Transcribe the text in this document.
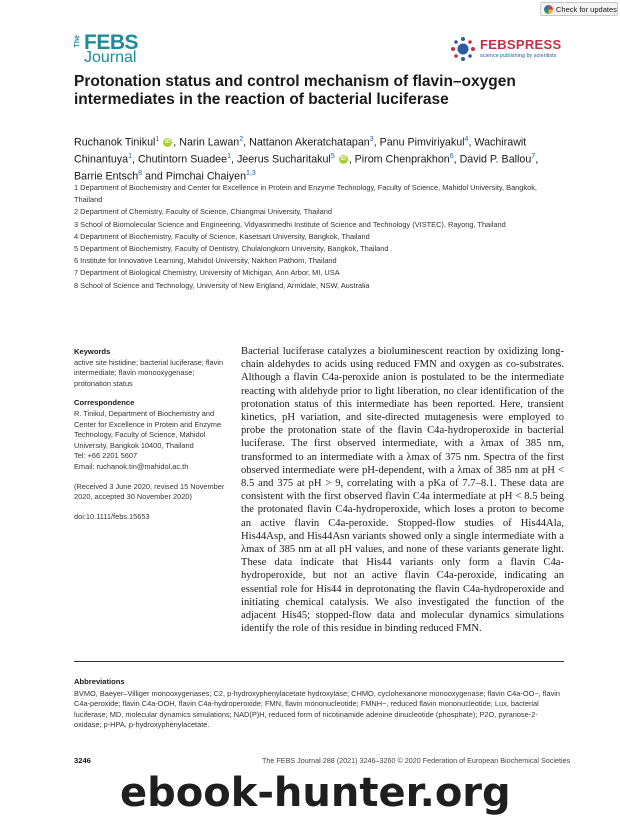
Check for updates
The FEBS
Journal
FEBSPRESS
science publishing by scientists
Protonation status and control mechanism of flavin–oxygen intermediates in the reaction of bacterial luciferase
Ruchanok Tinikul$^1$ iD , Narin Lawan$^2$, Nattanon Akeratchatapan$^3$, Panu Pimviriyakul$^4$, Wachirawit Chinantuya$^1$, Chutintorn Suadee$^1$, Jeerus Sucharitakul$^5$ iD , Pirom Chenprakhon$^6$, David P. Ballou$^7$, Barrie Entsch$^8$ and Pimchai Chaiyen$^{1,3}$
1 Department of Biochemistry and Center for Excellence in Protein and Enzyme Technology, Faculty of Science, Mahidol University, Bangkok, Thailand
2 Department of Chemistry, Faculty of Science, Chiangmai University, Thailand
3 School of Biomolecular Science and Engineering, Vidyasirimedhi Institute of Science and Technology (VISTEC), Rayong, Thailand
4 Department of Biochemistry, Faculty of Science, Kasetsart University, Bangkok, Thailand
5 Department of Biochemistry, Faculty of Dentistry, Chulalongkorn University, Bangkok, Thailand
6 Institute for Innovative Learning, Mahidol University, Nakhon Pathom, Thailand
7 Department of Biological Chemistry, University of Michigan, Ann Arbor, MI, USA
8 School of Science and Technology, University of New England, Armidale, NSW, Australia
Keywords

active site histidine; bacterial luciferase; flavin intermediate; flavin monooxygenase; protonation status

Correspondence

R. Tinikul, Department of Biochemistry and Center for Excellence in Protein and Enzyme Technology, Faculty of Science, Mahidol University, Bangkok 10400, Thailand

Tel: +66 2201 5607

Email: ruchanok.tin@mahidol.ac.th

(Received 3 June 2020, revised 15 November 2020, accepted 30 November 2020)

doi:10.1111/febs.15653

Bacterial luciferase catalyzes a bioluminescent reaction by oxidizing long-chain aldehydes to acids using reduced FMN and oxygen as co-substrates. Although a flavin C4a-peroxide anion is postulated to be the intermediate reacting with aldehyde prior to light liberation, no clear identification of the protonation status of this intermediate has been reported. Here, transient kinetics, pH variation, and site-directed mutagenesis were employed to probe the protonation state of the flavin C4a-hydroperoxide in bacterial luciferase. The first observed intermediate, with a λmax of 385 nm, transformed to an intermediate with a λmax of 375 nm. Spectra of the first observed intermediate were pH-dependent, with a λmax of 385 nm at pH < 8.5 and 375 at pH > 9, correlating with a pKa of 7.7–8.1. These data are consistent with the first observed flavin C4a intermediate at pH < 8.5 being the protonated flavin C4a-hydroperoxide, which loses a proton to become an active flavin C4a-peroxide. Stopped-flow studies of His44Ala, His44Asp, and His44Asn variants showed only a single intermediate with a λmax of 385 nm at all pH values, and none of these variants generate light. These data indicate that His44 variants only form a flavin C4a-hydroperoxide, but not an active flavin C4a-peroxide, indicating an essential role for His44 in deprotonating the flavin C4a-hydroperoxide and initiating chemical catalysis. We also investigated the function of the adjacent His45; stopped-flow data and molecular dynamics simulations identify the role of this residue in binding reduced FMN.
Abbreviations

BVMO, Baeyer–Villiger monooxygenases; C2, p-hydroxyphenylacetate hydroxylase; CHMO, cyclohexanone monooxygenase; flavin C4a-OO−, flavin C4a-peroxide; flavin C4a-OOH, flavin C4a-hydroperoxide; FMN, flavin mononucleotide; FMNH−, reduced flavin mononucleotide; Lux, bacterial luciferase; MD, molecular dynamics simulations; NAD(P)H, reduced form of nicotinamide adenine dinucleotide (phosphate); P2O, pyranose-2-oxidase; p-HPA, p-hydroxyphenylacetate.

3246	The FEBS Journal 288 (2021) 3246–3260 © 2020 Federation of European Biochemical Societies
ebook-hunter.org
